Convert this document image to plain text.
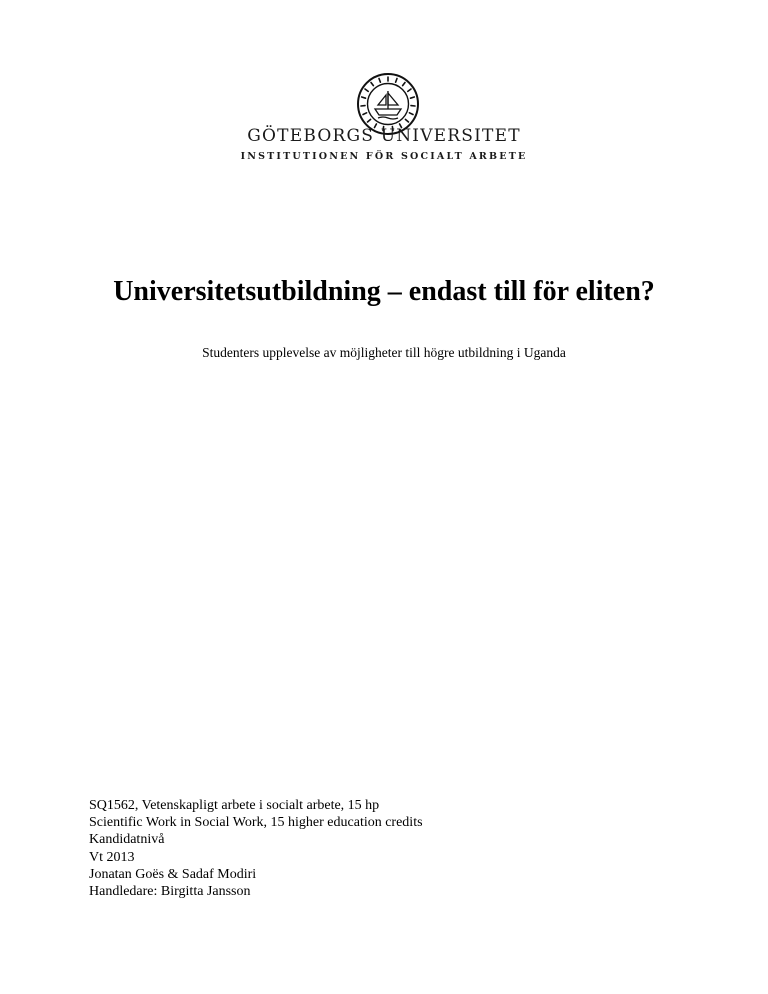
GÖTEBORGS UNIVERSITET
INSTITUTIONEN FÖR SOCIALT ARBETE
Universitetsutbildning – endast till för eliten?
Studenters upplevelse av möjligheter till högre utbildning i Uganda
SQ1562, Vetenskapligt arbete i socialt arbete, 15 hp
Scientific Work in Social Work, 15 higher education credits
Kandidatnivå
Vt 2013
Jonatan Goës & Sadaf Modiri
Handledare: Birgitta Jansson
